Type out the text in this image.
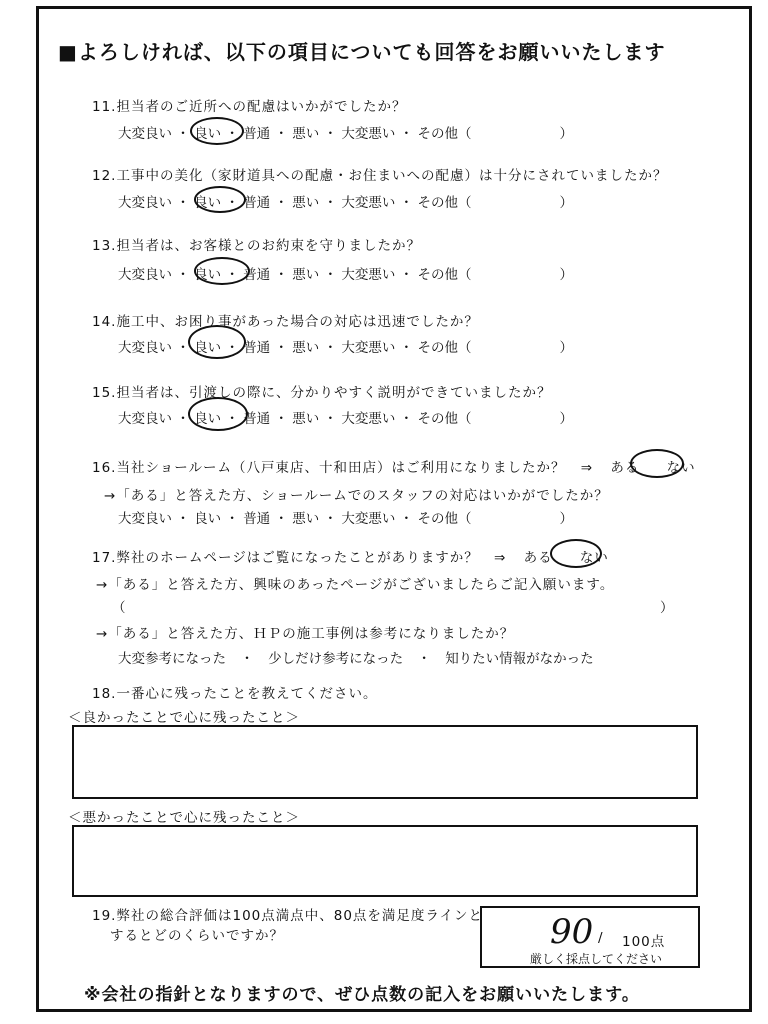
■よろしければ、以下の項目についても回答をお願いいたします
11.担当者のご近所への配慮はいかがでしたか？
大変良い ・ 良い ・ 普通 ・ 悪い ・ 大変悪い ・ その他（	）
12.工事中の美化（家財道具への配慮・お住まいへの配慮）は十分にされていましたか？
大変良い ・ 良い ・ 普通 ・ 悪い ・ 大変悪い ・ その他（	）
13.担当者は、お客様とのお約束を守りましたか？
大変良い ・ 良い ・ 普通 ・ 悪い ・ 大変悪い ・ その他（	）
14.施工中、お困り事があった場合の対応は迅速でしたか？
大変良い ・ 良い ・ 普通 ・ 悪い ・ 大変悪い ・ その他（	）
15.担当者は、引渡しの際に、分かりやすく説明ができていましたか？
大変良い ・ 良い ・ 普通 ・ 悪い ・ 大変悪い ・ その他（	）
16.当社ショールーム（八戸東店、十和田店）はご利用になりましたか？ ⇒ ある ない
→「ある」と答えた方、ショールームでのスタッフの対応はいかがでしたか？
大変良い ・ 良い ・ 普通 ・ 悪い ・ 大変悪い ・ その他（	）
17.弊社のホームページはご覧になったことがありますか？ ⇒ ある ない
→「ある」と答えた方、興味のあったページがございましたらご記入願います。
（	）
→「ある」と答えた方、ＨＰの施工事例は参考になりましたか？
大変参考になった ・ 少しだけ参考になった ・ 知りたい情報がなかった
18.一番心に残ったことを教えてください。
＜良かったことで心に残ったこと＞
＜悪かったことで心に残ったこと＞
19.弊社の総合評価は100点満点中、80点を満足度ラインと
するとどのくらいですか？	90 / 100点
厳しく採点してください
※会社の指針となりますので、ぜひ点数の記入をお願いいたします。
